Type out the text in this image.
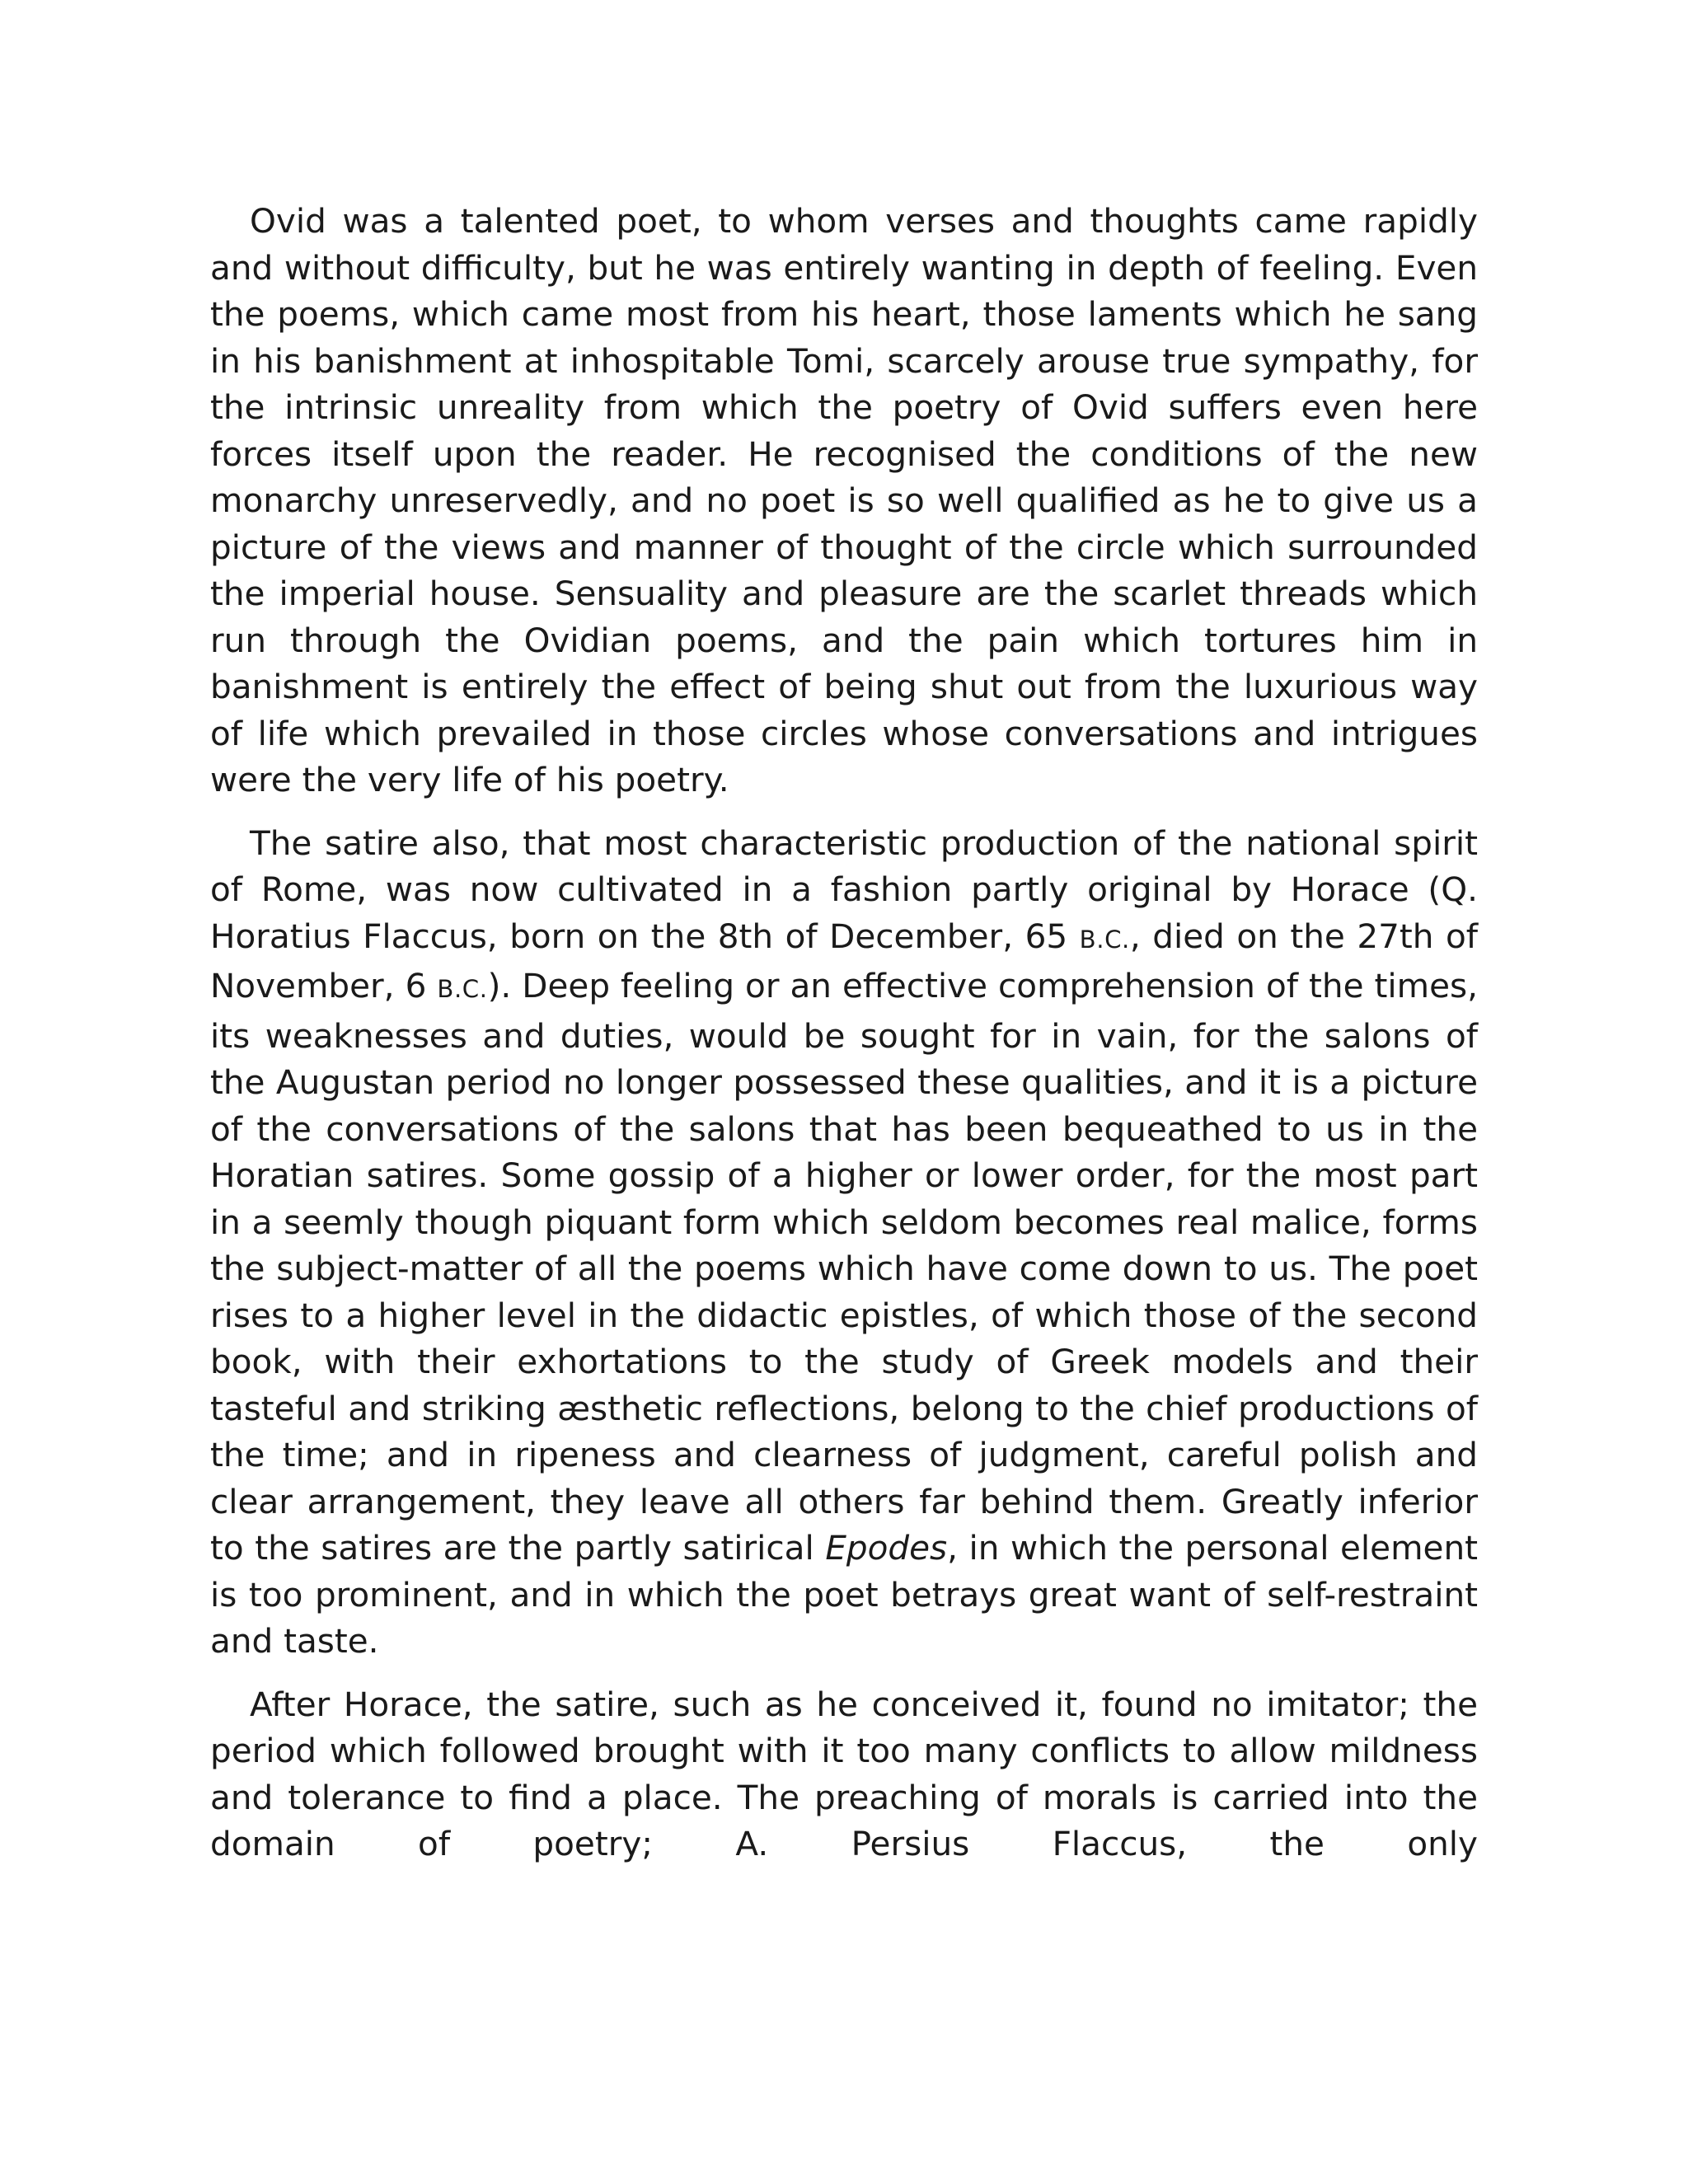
Ovid was a talented poet, to whom verses and thoughts came rapidly and without difficulty, but he was entirely wanting in depth of feeling. Even the poems, which came most from his heart, those laments which he sang in his banishment at inhospitable Tomi, scarcely arouse true sympathy, for the intrinsic unreality from which the poetry of Ovid suffers even here forces itself upon the reader. He recognised the conditions of the new monarchy unreservedly, and no poet is so well qualified as he to give us a picture of the views and manner of thought of the circle which surrounded the imperial house. Sensuality and pleasure are the scarlet threads which run through the Ovidian poems, and the pain which tortures him in banishment is entirely the effect of being shut out from the luxurious way of life which prevailed in those circles whose conversations and intrigues were the very life of his poetry.

The satire also, that most characteristic production of the national spirit of Rome, was now cultivated in a fashion partly original by Horace (Q. Horatius Flaccus, born on the 8th of December, 65 B.C., died on the 27th of November, 6 B.C.). Deep feeling or an effective comprehension of the times, its weaknesses and duties, would be sought for in vain, for the salons of the Augustan period no longer possessed these qualities, and it is a picture of the conversations of the salons that has been bequeathed to us in the Horatian satires. Some gossip of a higher or lower order, for the most part in a seemly though piquant form which seldom becomes real malice, forms the subject-matter of all the poems which have come down to us. The poet rises to a higher level in the didactic epistles, of which those of the second book, with their exhortations to the study of Greek models and their tasteful and striking æsthetic reflections, belong to the chief productions of the time; and in ripeness and clearness of judgment, careful polish and clear arrangement, they leave all others far behind them. Greatly inferior to the satires are the partly satirical Epodes, in which the personal element is too prominent, and in which the poet betrays great want of self-restraint and taste.

After Horace, the satire, such as he conceived it, found no imitator; the period which followed brought with it too many conflicts to allow mildness and tolerance to find a place. The preaching of morals is carried into the domain of poetry; A. Persius Flaccus, the only
